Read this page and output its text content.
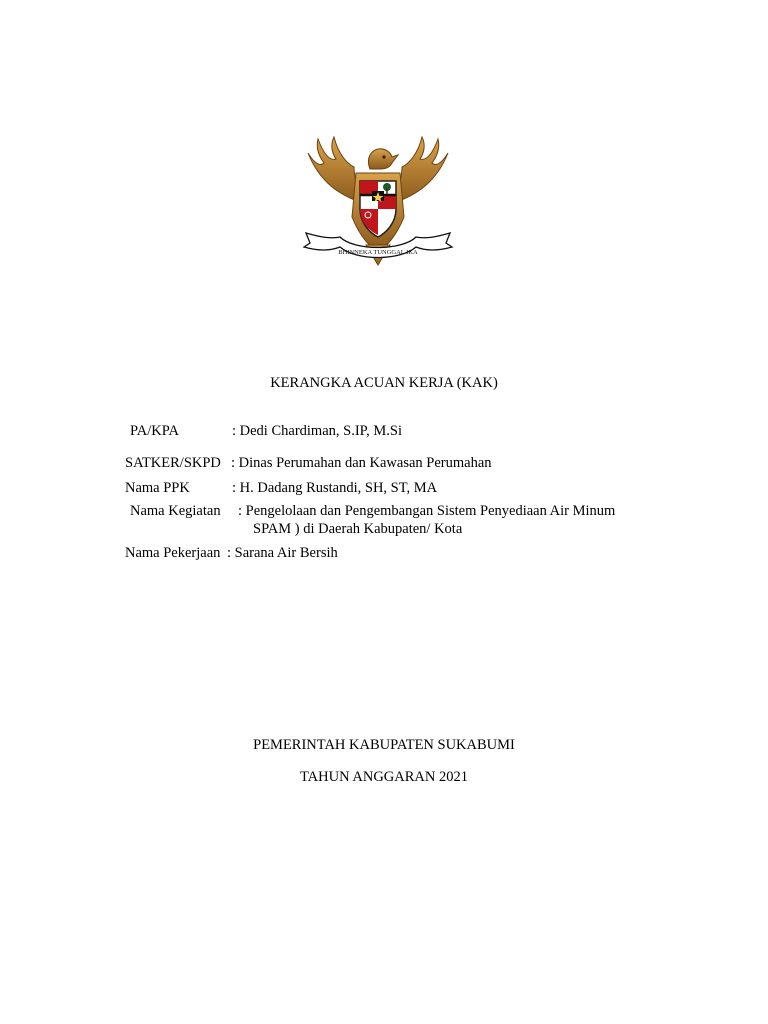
BHINNEKA TUNGGAL IKA
KERANGKA ACUAN KERJA (KAK)
PA/KPA	: Dedi Chardiman, S.IP, M.Si
SATKER/SKPD : Dinas Perumahan dan Kawasan Perumahan
Nama PPK	: H. Dadang Rustandi, SH, ST, MA
Nama Kegiatan : Pengelolaan dan Pengembangan Sistem Penyediaan Air Minum
SPAM ) di Daerah Kabupaten/ Kota
Nama Pekerjaan : Sarana Air Bersih
PEMERINTAH KABUPATEN SUKABUMI
TAHUN ANGGARAN 2021
